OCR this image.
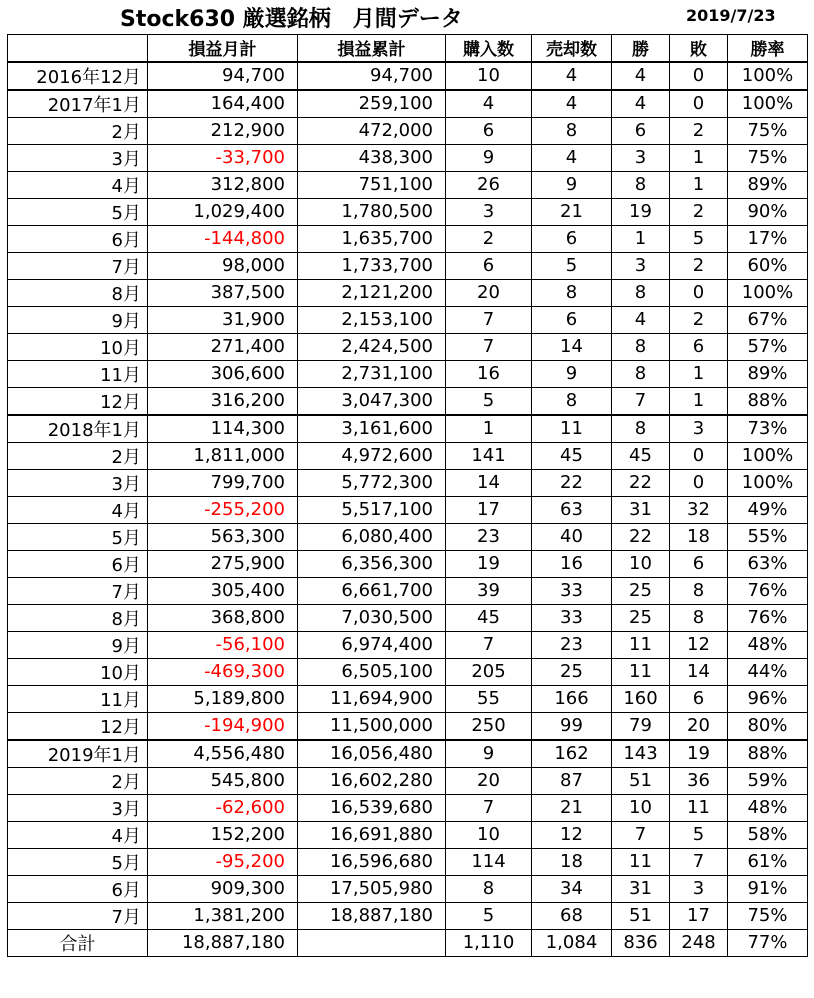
Stock630 厳選銘柄　月間データ	2019/7/23
	損益月計	損益累計	購入数	売却数	勝	敗	勝率
2016年12月	94,700	94,700	10	4	4	0	100%
2017年1月	164,400	259,100	4	4	4	0	100%
2月	212,900	472,000	6	8	6	2	75%
3月	-33,700	438,300	9	4	3	1	75%
4月	312,800	751,100	26	9	8	1	89%
5月	1,029,400	1,780,500	3	21	19	2	90%
6月	-144,800	1,635,700	2	6	1	5	17%
7月	98,000	1,733,700	6	5	3	2	60%
8月	387,500	2,121,200	20	8	8	0	100%
9月	31,900	2,153,100	7	6	4	2	67%
10月	271,400	2,424,500	7	14	8	6	57%
11月	306,600	2,731,100	16	9	8	1	89%
12月	316,200	3,047,300	5	8	7	1	88%
2018年1月	114,300	3,161,600	1	11	8	3	73%
2月	1,811,000	4,972,600	141	45	45	0	100%
3月	799,700	5,772,300	14	22	22	0	100%
4月	-255,200	5,517,100	17	63	31	32	49%
5月	563,300	6,080,400	23	40	22	18	55%
6月	275,900	6,356,300	19	16	10	6	63%
7月	305,400	6,661,700	39	33	25	8	76%
8月	368,800	7,030,500	45	33	25	8	76%
9月	-56,100	6,974,400	7	23	11	12	48%
10月	-469,300	6,505,100	205	25	11	14	44%
11月	5,189,800	11,694,900	55	166	160	6	96%
12月	-194,900	11,500,000	250	99	79	20	80%
2019年1月	4,556,480	16,056,480	9	162	143	19	88%
2月	545,800	16,602,280	20	87	51	36	59%
3月	-62,600	16,539,680	7	21	10	11	48%
4月	152,200	16,691,880	10	12	7	5	58%
5月	-95,200	16,596,680	114	18	11	7	61%
6月	909,300	17,505,980	8	34	31	3	91%
7月	1,381,200	18,887,180	5	68	51	17	75%
合計	18,887,180		1,110	1,084	836	248	77%
